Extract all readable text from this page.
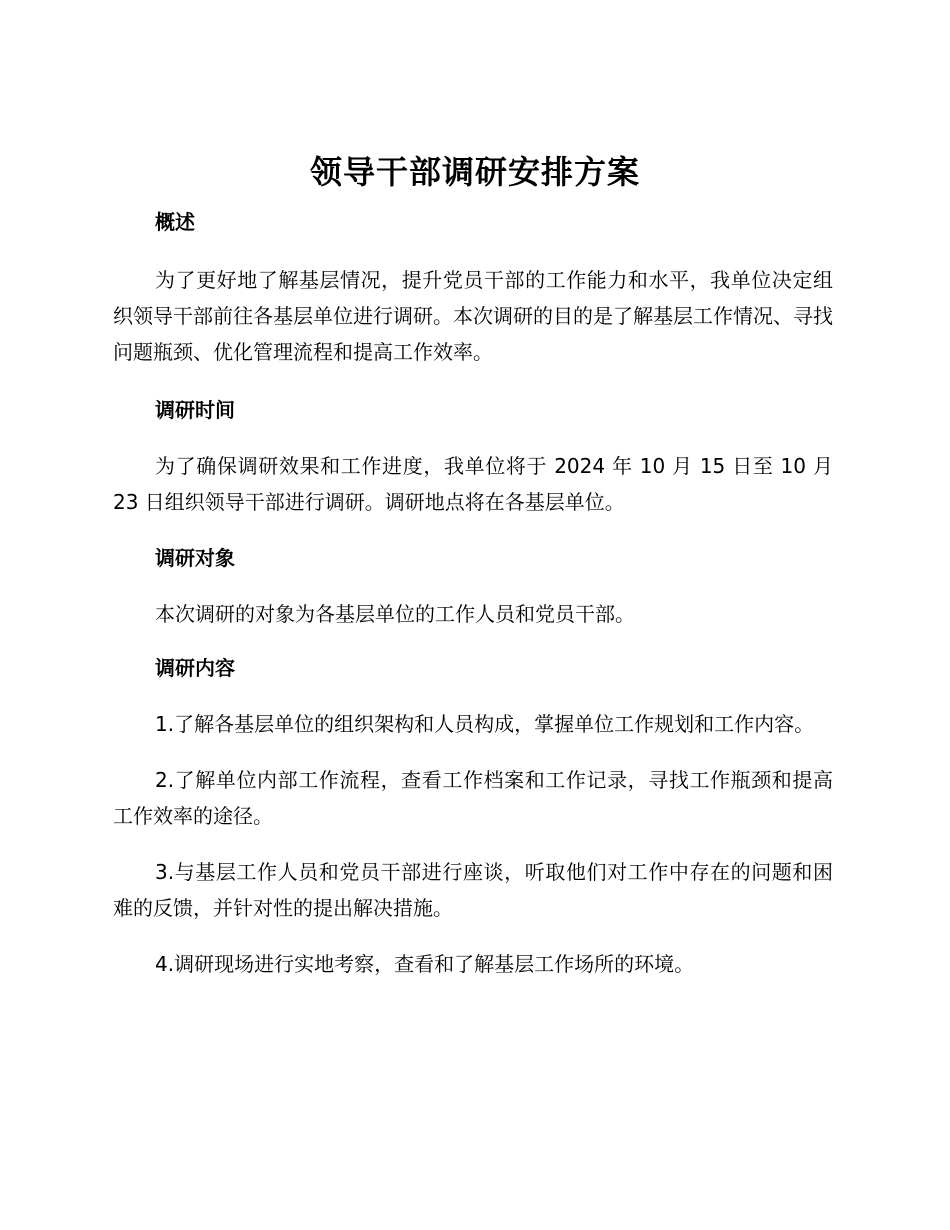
领导干部调研安排方案

概述

为了更好地了解基层情况，提升党员干部的工作能力和水平，我单位决定组织领导干部前往各基层单位进行调研。本次调研的目的是了解基层工作情况、寻找问题瓶颈、优化管理流程和提高工作效率。

调研时间

为了确保调研效果和工作进度，我单位将于 2024 年 10 月 15 日至 10 月 23 日组织领导干部进行调研。调研地点将在各基层单位。

调研对象

本次调研的对象为各基层单位的工作人员和党员干部。

调研内容

1.了解各基层单位的组织架构和人员构成，掌握单位工作规划和工作内容。

2.了解单位内部工作流程，查看工作档案和工作记录，寻找工作瓶颈和提高工作效率的途径。

3.与基层工作人员和党员干部进行座谈，听取他们对工作中存在的问题和困难的反馈，并针对性的提出解决措施。

4.调研现场进行实地考察，查看和了解基层工作场所的环境。
